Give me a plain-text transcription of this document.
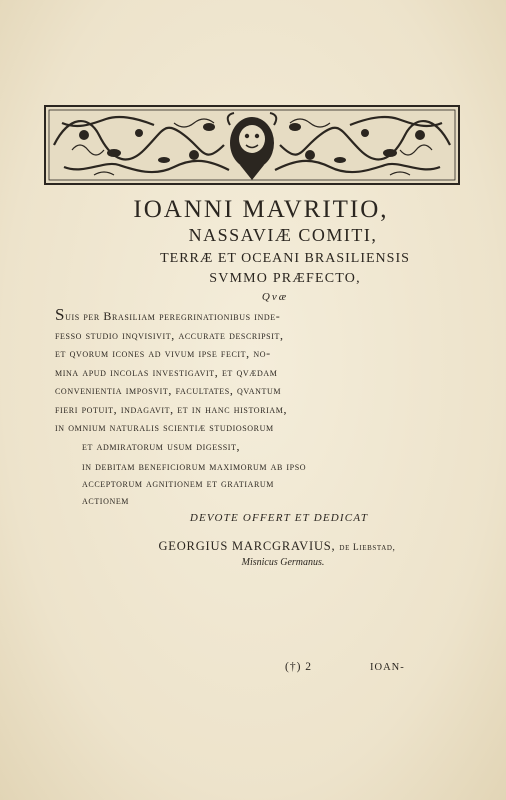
IOANNI MAVRITIO,
NASSAVIÆ COMITI,
TERRÆ ET OCEANI BRASILIENSIS
SVMMO PRÆFECTO,
Qvæ
Suis per Brasiliam peregrinationibus inde-
fesso studio inqvisivit, accurate descripsit,
et qvorum icones ad vivum ipse fecit, no-
mina apud incolas investigavit, et qvædam
convenientia imposvit, facultates, qvantum
fieri potuit, indagavit, et in hanc historiam,
in omnium naturalis scientiæ studiosorum
et admiratorum usum digessit,
in debitam beneficiorum maximorum ab ipso
acceptorum agnitionem et gratiarum
actionem
DEVOTE OFFERT ET DEDICAT
GEORGIUS MARCGRAVIUS, de Liebstad,
Misnicus Germanus.
(†) 2	IOAN-
